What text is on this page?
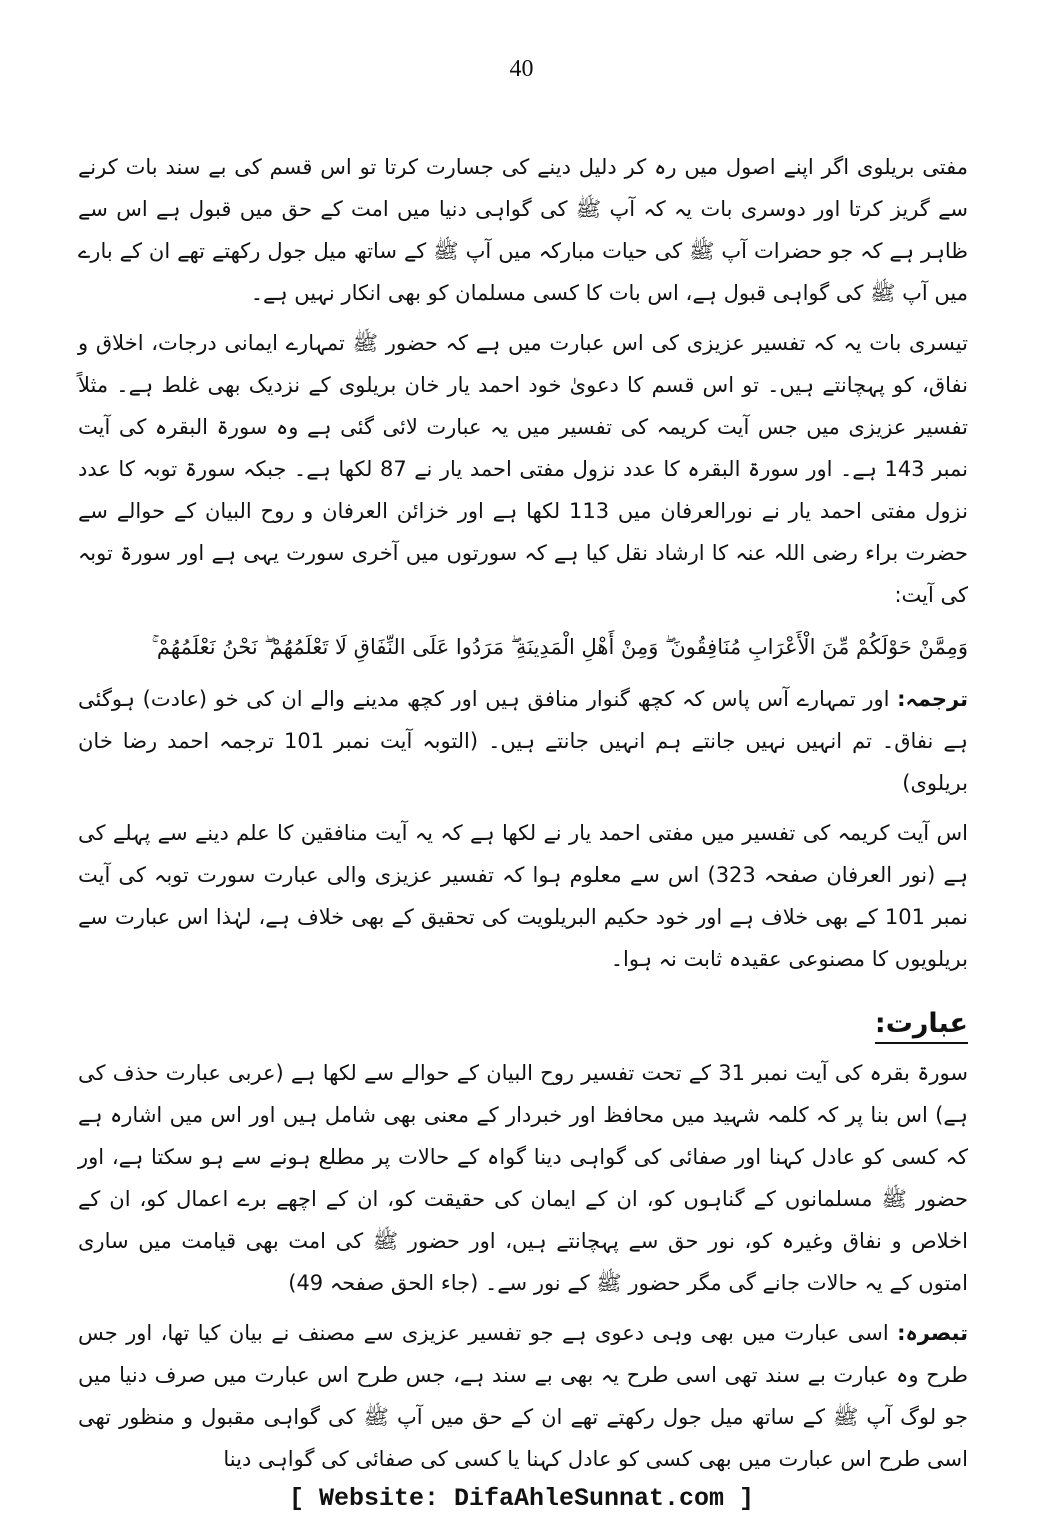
40

مفتی بریلوی اگر اپنے اصول میں رہ کر دلیل دینے کی جسارت کرتا تو اس قسم کی بے سند بات کرنے سے گریز کرتا اور دوسری بات یہ کہ آپ ﷺ کی گواہی دنیا میں امت کے حق میں قبول ہے اس سے ظاہر ہے کہ جو حضرات آپ ﷺ کی حیات مبارکہ میں آپ ﷺ کے ساتھ میل جول رکھتے تھے ان کے بارے میں آپ ﷺ کی گواہی قبول ہے، اس بات کا کسی مسلمان کو بھی انکار نہیں ہے۔

تیسری بات یہ کہ تفسیر عزیزی کی اس عبارت میں ہے کہ حضور ﷺ تمہارے ایمانی درجات، اخلاق و نفاق، کو پہچانتے ہیں۔ تو اس قسم کا دعویٰ خود احمد یار خان بریلوی کے نزدیک بھی غلط ہے۔ مثلاً تفسیر عزیزی میں جس آیت کریمہ کی تفسیر میں یہ عبارت لائی گئی ہے وہ سورۃ البقرہ کی آیت نمبر 143 ہے۔ اور سورۃ البقرہ کا عدد نزول مفتی احمد یار نے 87 لکھا ہے۔ جبکہ سورۃ توبہ کا عدد نزول مفتی احمد یار نے نورالعرفان میں 113 لکھا ہے اور خزائن العرفان و روح البیان کے حوالے سے حضرت براء رضی اللہ عنہ کا ارشاد نقل کیا ہے کہ سورتوں میں آخری سورت یہی ہے اور سورۃ توبہ کی آیت:

وَمِمَّنْ حَوْلَكُمْ مِّنَ الْأَعْرَابِ مُنَافِقُونَ ۖ وَمِنْ أَهْلِ الْمَدِينَةِ ۖ مَرَدُوا عَلَى النِّفَاقِ لَا تَعْلَمُهُمْ ۖ نَحْنُ نَعْلَمُهُمْ ۚ

ترجمہ: اور تمہارے آس پاس کہ کچھ گنوار منافق ہیں اور کچھ مدینے والے ان کی خو (عادت) ہوگئی ہے نفاق۔ تم انہیں نہیں جانتے ہم انہیں جانتے ہیں۔ (التوبہ آیت نمبر 101 ترجمہ احمد رضا خان بریلوی)

اس آیت کریمہ کی تفسیر میں مفتی احمد یار نے لکھا ہے کہ یہ آیت منافقین کا علم دینے سے پہلے کی ہے (نور العرفان صفحہ 323) اس سے معلوم ہوا کہ تفسیر عزیزی والی عبارت سورت توبہ کی آیت نمبر 101 کے بھی خلاف ہے اور خود حکیم البریلویت کی تحقیق کے بھی خلاف ہے، لہٰذا اس عبارت سے بریلویوں کا مصنوعی عقیدہ ثابت نہ ہوا۔

عبارت:

سورۃ بقرہ کی آیت نمبر 31 کے تحت تفسیر روح البیان کے حوالے سے لکھا ہے (عربی عبارت حذف کی ہے) اس بنا پر کہ کلمہ شہید میں محافظ اور خبردار کے معنی بھی شامل ہیں اور اس میں اشارہ ہے کہ کسی کو عادل کہنا اور صفائی کی گواہی دینا گواہ کے حالات پر مطلع ہونے سے ہو سکتا ہے، اور حضور ﷺ مسلمانوں کے گناہوں کو، ان کے ایمان کی حقیقت کو، ان کے اچھے برے اعمال کو، ان کے اخلاص و نفاق وغیرہ کو، نور حق سے پہچانتے ہیں، اور حضور ﷺ کی امت بھی قیامت میں ساری امتوں کے یہ حالات جانے گی مگر حضور ﷺ کے نور سے۔ (جاء الحق صفحہ 49)

تبصرہ: اسی عبارت میں بھی وہی دعوی ہے جو تفسیر عزیزی سے مصنف نے بیان کیا تھا، اور جس طرح وہ عبارت بے سند تھی اسی طرح یہ بھی بے سند ہے، جس طرح اس عبارت میں صرف دنیا میں جو لوگ آپ ﷺ کے ساتھ میل جول رکھتے تھے ان کے حق میں آپ ﷺ کی گواہی مقبول و منظور تھی اسی طرح اس عبارت میں بھی کسی کو عادل کہنا یا کسی کی صفائی کی گواہی دینا

[ Website: DifaAhleSunnat.com ]
